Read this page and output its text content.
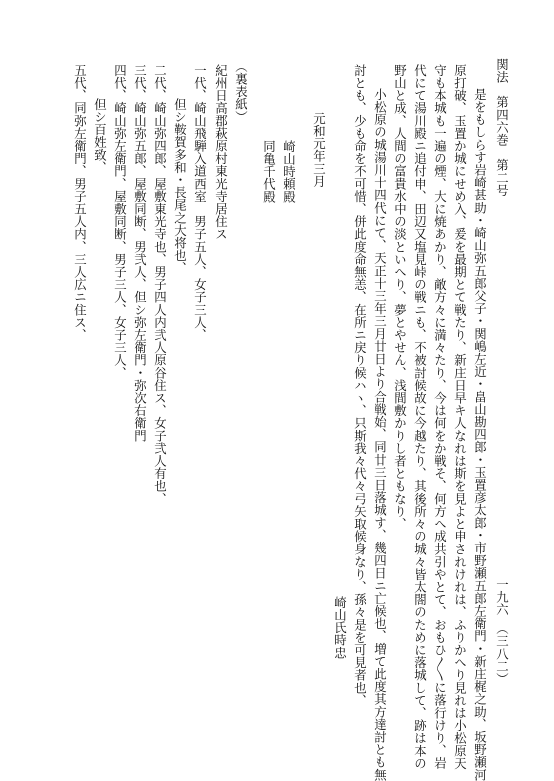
関法　第四六巻　第二号
一九六　（三八二）
是をもしらす岩崎甚助・崎山弥五郎父子・関嶋左近・畠山勘四郎・玉置彦太郎・市野瀬五郎左衛門・新庄梶之助、坂野瀬河
原打破、玉置か城にせめ入、爰を最期とて戦たり、新庄日早キ人なれは斯を見よと申されけれは、ふりかへり見れは小松原天
守も本城も一遍の煙、大に焼あかり、敵方々に満々たり、今は何をか戦そ、何方へ成共引やとて、おもひ〳〵に落行けり、岩
代にて湯川殿ニ追付申、田辺又塩見峠の戦ニも、不被討候故に今越たり、其後所々の城々皆太閤のために落城して、跡は本の
野山と成、人間の富貴水中の淡といへり、夢とやせん、浅間敷かりし者ともなり、
小松原の城湯川十四代にて、天正十三年三月廿日より合戦始、同廿三日落城す、幾四日ニ亡候也、増て此度其方達討とも無
討とも、少も命を不可惜、併此度命無恙、在所ニ戻り候ハヽ、只斯我々代々弓矢取候身なり、孫々是を可見者也、
崎山氏時忠
元和元年三月
崎山時頼殿
同亀千代殿
（裏表紙）
紀州日高郡萩原村東光寺居住ス
一代、崎山飛騨入道西室　男子五人、女子三人、
但シ鞍賀多和・長尾之大将也、
二代、崎山弥四郎、屋敷東光寺也、男子四人内弐人原谷住ス、女子弐人有也、
三代、崎山弥五郎、屋敷同断、男弐人、但シ弥左衛門・弥次右衛門
四代、崎山弥左衛門、屋敷同断、男子三人、女子三人、
但シ百姓致、
五代、同弥左衛門、男子五人内、三人広ニ住ス、
